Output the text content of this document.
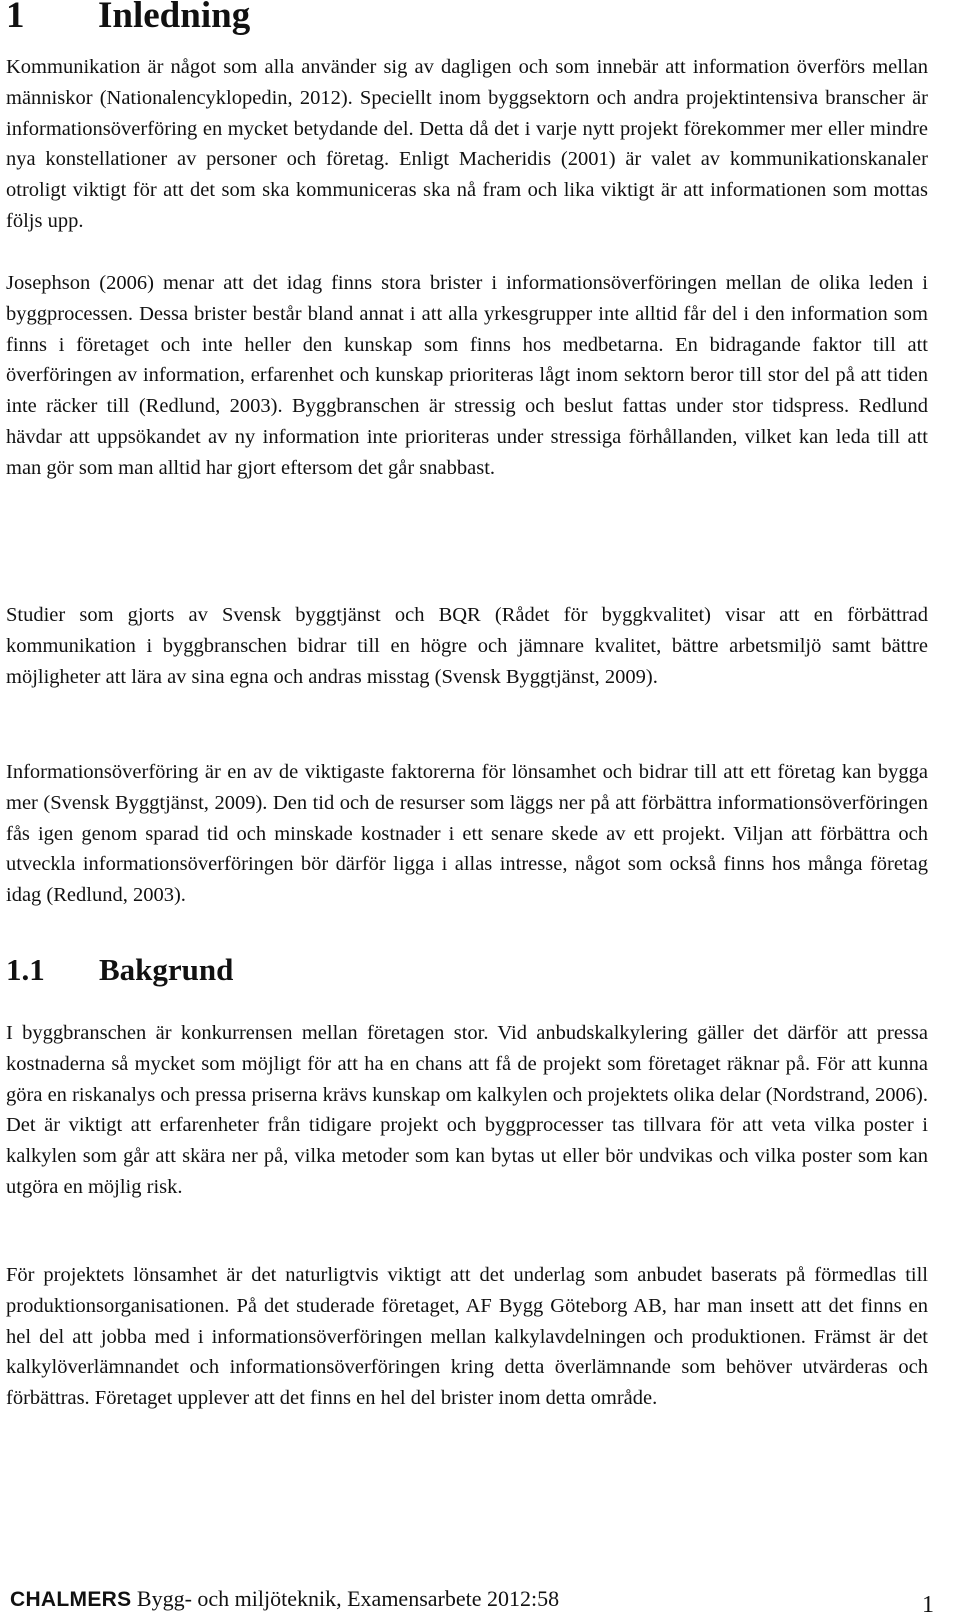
1 Inledning

Kommunikation är något som alla använder sig av dagligen och som innebär att information överförs mellan människor (Nationalencyklopedin, 2012). Speciellt inom byggsektorn och andra projektintensiva branscher är informationsöverföring en mycket betydande del. Detta då det i varje nytt projekt förekommer mer eller mindre nya konstellationer av personer och företag. Enligt Macheridis (2001) är valet av kommunikationskanaler otroligt viktigt för att det som ska kommuniceras ska nå fram och lika viktigt är att informationen som mottas följs upp.

Josephson (2006) menar att det idag finns stora brister i informationsöverföringen mellan de olika leden i byggprocessen. Dessa brister består bland annat i att alla yrkesgrupper inte alltid får del i den information som finns i företaget och inte heller den kunskap som finns hos medbetarna. En bidragande faktor till att överföringen av information, erfarenhet och kunskap prioriteras lågt inom sektorn beror till stor del på att tiden inte räcker till (Redlund, 2003). Byggbranschen är stressig och beslut fattas under stor tidspress. Redlund hävdar att uppsökandet av ny information inte prioriteras under stressiga förhållanden, vilket kan leda till att man gör som man alltid har gjort eftersom det går snabbast.

Studier som gjorts av Svensk byggtjänst och BQR (Rådet för byggkvalitet) visar att en förbättrad kommunikation i byggbranschen bidrar till en högre och jämnare kvalitet, bättre arbetsmiljö samt bättre möjligheter att lära av sina egna och andras misstag (Svensk Byggtjänst, 2009).

Informationsöverföring är en av de viktigaste faktorerna för lönsamhet och bidrar till att ett företag kan bygga mer (Svensk Byggtjänst, 2009). Den tid och de resurser som läggs ner på att förbättra informationsöverföringen fås igen genom sparad tid och minskade kostnader i ett senare skede av ett projekt. Viljan att förbättra och utveckla informationsöverföringen bör därför ligga i allas intresse, något som också finns hos många företag idag (Redlund, 2003).

1.1 Bakgrund

I byggbranschen är konkurrensen mellan företagen stor. Vid anbudskalkylering gäller det därför att pressa kostnaderna så mycket som möjligt för att ha en chans att få de projekt som företaget räknar på. För att kunna göra en riskanalys och pressa priserna krävs kunskap om kalkylen och projektets olika delar (Nordstrand, 2006). Det är viktigt att erfarenheter från tidigare projekt och byggprocesser tas tillvara för att veta vilka poster i kalkylen som går att skära ner på, vilka metoder som kan bytas ut eller bör undvikas och vilka poster som kan utgöra en möjlig risk.

För projektets lönsamhet är det naturligtvis viktigt att det underlag som anbudet baserats på förmedlas till produktionsorganisationen. På det studerade företaget, AF Bygg Göteborg AB, har man insett att det finns en hel del att jobba med i informationsöverföringen mellan kalkylavdelningen och produktionen. Främst är det kalkylöverlämnandet och informationsöverföringen kring detta överlämnande som behöver utvärderas och förbättras. Företaget upplever att det finns en hel del brister inom detta område.

CHALMERS Bygg- och miljöteknik, Examensarbete 2012:58	1
